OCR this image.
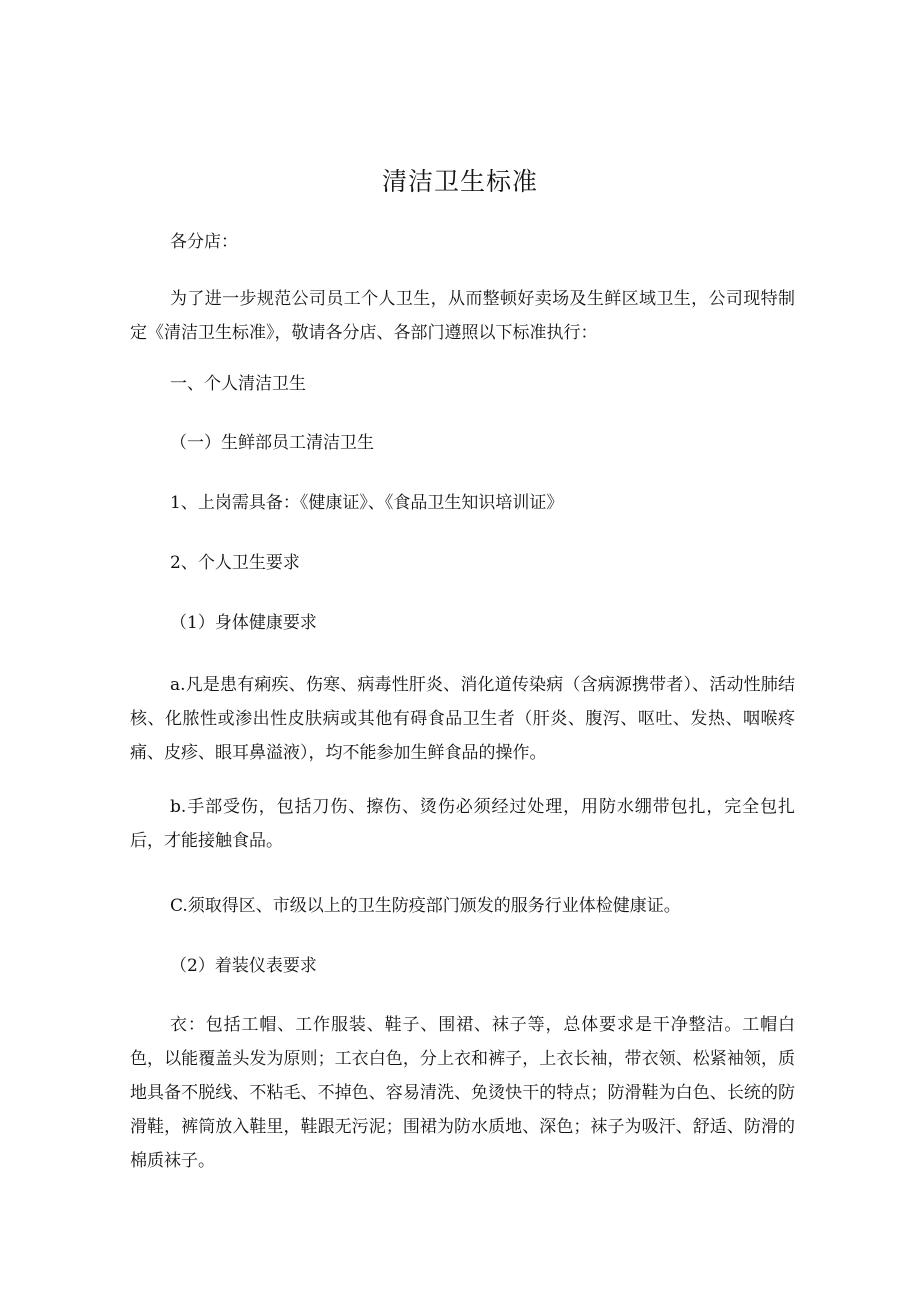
清洁卫生标准
各分店：
为了进一步规范公司员工个人卫生，从而整顿好卖场及生鲜区域卫生，公司现特制定《清洁卫生标准》，敬请各分店、各部门遵照以下标准执行：
一、个人清洁卫生
（一）生鲜部员工清洁卫生
1、上岗需具备：《健康证》、《食品卫生知识培训证》
2、个人卫生要求
（1）身体健康要求
a.凡是患有痢疾、伤寒、病毒性肝炎、消化道传染病（含病源携带者）、活动性肺结核、化脓性或渗出性皮肤病或其他有碍食品卫生者（肝炎、腹泻、呕吐、发热、咽喉疼痛、皮疹、眼耳鼻溢液），均不能参加生鲜食品的操作。
b.手部受伤，包括刀伤、擦伤、烫伤必须经过处理，用防水绷带包扎，完全包扎后，才能接触食品。
C.须取得区、市级以上的卫生防疫部门颁发的服务行业体检健康证。
（2）着装仪表要求
衣：包括工帽、工作服装、鞋子、围裙、袜子等，总体要求是干净整洁。工帽白色，以能覆盖头发为原则；工衣白色，分上衣和裤子，上衣长袖，带衣领、松紧袖领，质地具备不脱线、不粘毛、不掉色、容易清洗、免烫快干的特点；防滑鞋为白色、长统的防滑鞋，裤筒放入鞋里，鞋跟无污泥；围裙为防水质地、深色；袜子为吸汗、舒适、防滑的棉质袜子。
